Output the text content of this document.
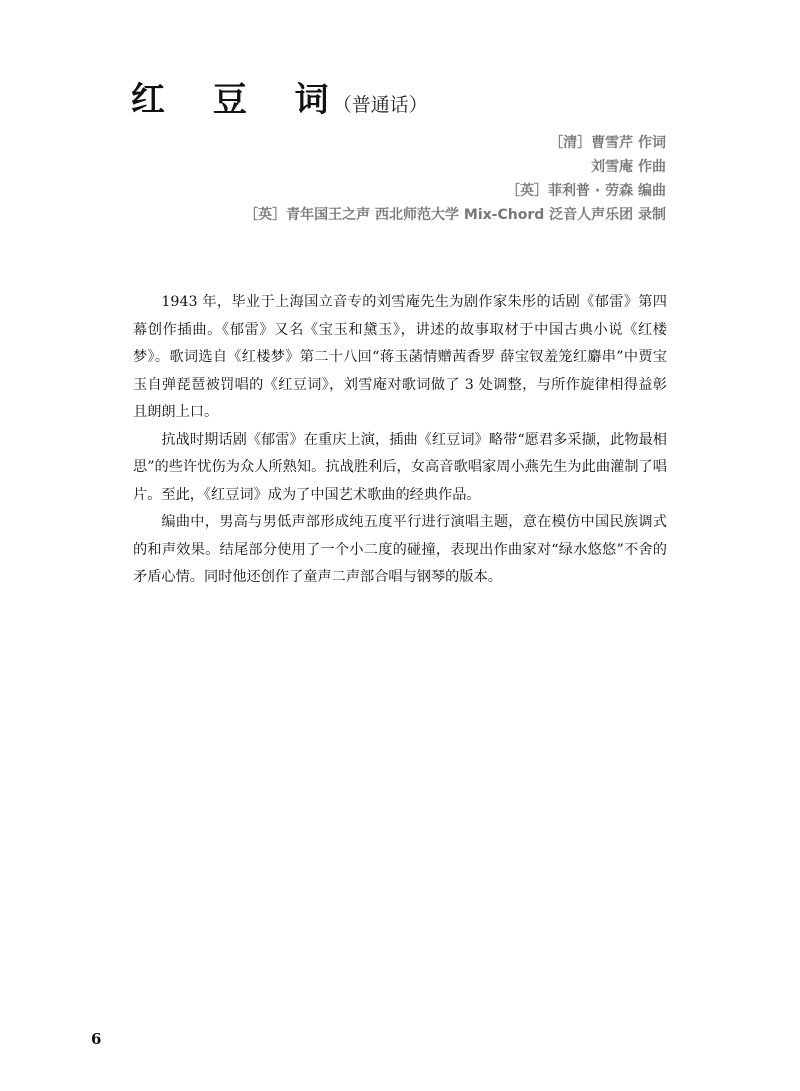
红 豆 词
（普通话）
［清］曹雪芹 作词
刘雪庵 作曲
［英］菲利普 · 劳森 编曲
［英］青年国王之声 西北师范大学 Mix-Chord 泛音人声乐团 录制

1943 年，毕业于上海国立音专的刘雪庵先生为剧作家朱彤的话剧《郁雷》第四幕创作插曲。《郁雷》又名《宝玉和黛玉》，讲述的故事取材于中国古典小说《红楼梦》。歌词选自《红楼梦》第二十八回“蒋玉菡情赠茜香罗 薛宝钗羞笼红麝串”中贾宝玉自弹琵琶被罚唱的《红豆词》，刘雪庵对歌词做了 3 处调整，与所作旋律相得益彰且朗朗上口。

抗战时期话剧《郁雷》在重庆上演，插曲《红豆词》略带“愿君多采撷，此物最相思”的些许忧伤为众人所熟知。抗战胜利后，女高音歌唱家周小燕先生为此曲灌制了唱片。至此，《红豆词》成为了中国艺术歌曲的经典作品。

编曲中，男高与男低声部形成纯五度平行进行演唱主题，意在模仿中国民族调式的和声效果。结尾部分使用了一个小二度的碰撞，表现出作曲家对“绿水悠悠”不舍的矛盾心情。同时他还创作了童声二声部合唱与钢琴的版本。

6
